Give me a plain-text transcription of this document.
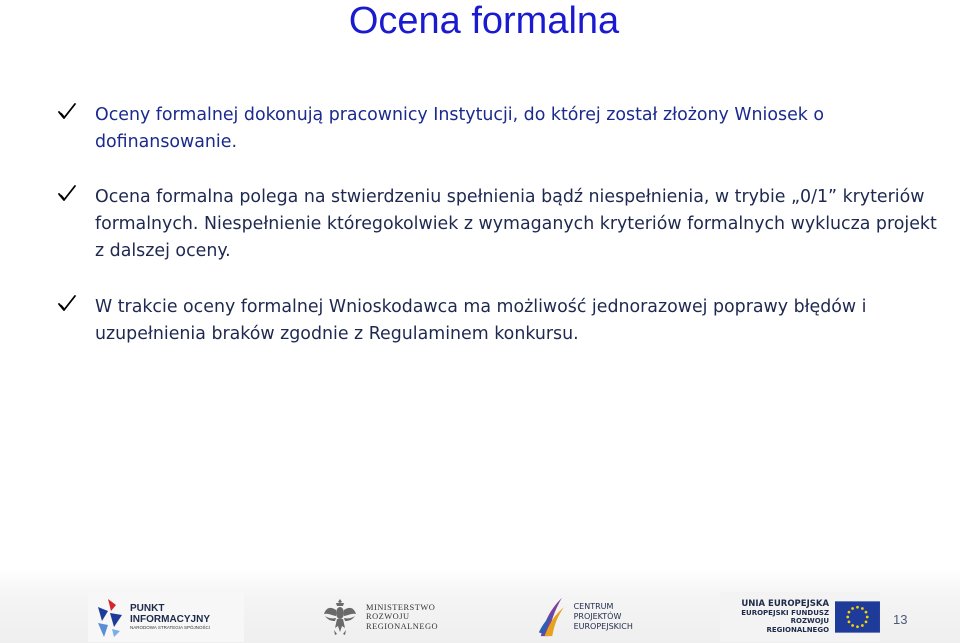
Ocena formalna
Oceny formalnej dokonują pracownicy Instytucji, do której został złożony Wniosek o dofinansowanie.
Ocena formalna polega na stwierdzeniu spełnienia bądź niespełnienia, w trybie „0/1” kryteriów formalnych. Niespełnienie któregokolwiek z wymaganych kryteriów formalnych wyklucza projekt z dalszej oceny.
W trakcie oceny formalnej Wnioskodawca ma możliwość jednorazowej poprawy błędów i uzupełnienia braków zgodnie z Regulaminem konkursu.
PUNKT
INFORMACYJNY
NARODOWA STRATEGIA SPÓJNOŚCI
MINISTERSTWO
ROZWOJU
REGIONALNEGO
CENTRUM PROJEKTÓW
EUROPEJSKICH
UNIA EUROPEJSKA
EUROPEJSKI FUNDUSZ
ROZWOJU REGIONALNEGO
13
